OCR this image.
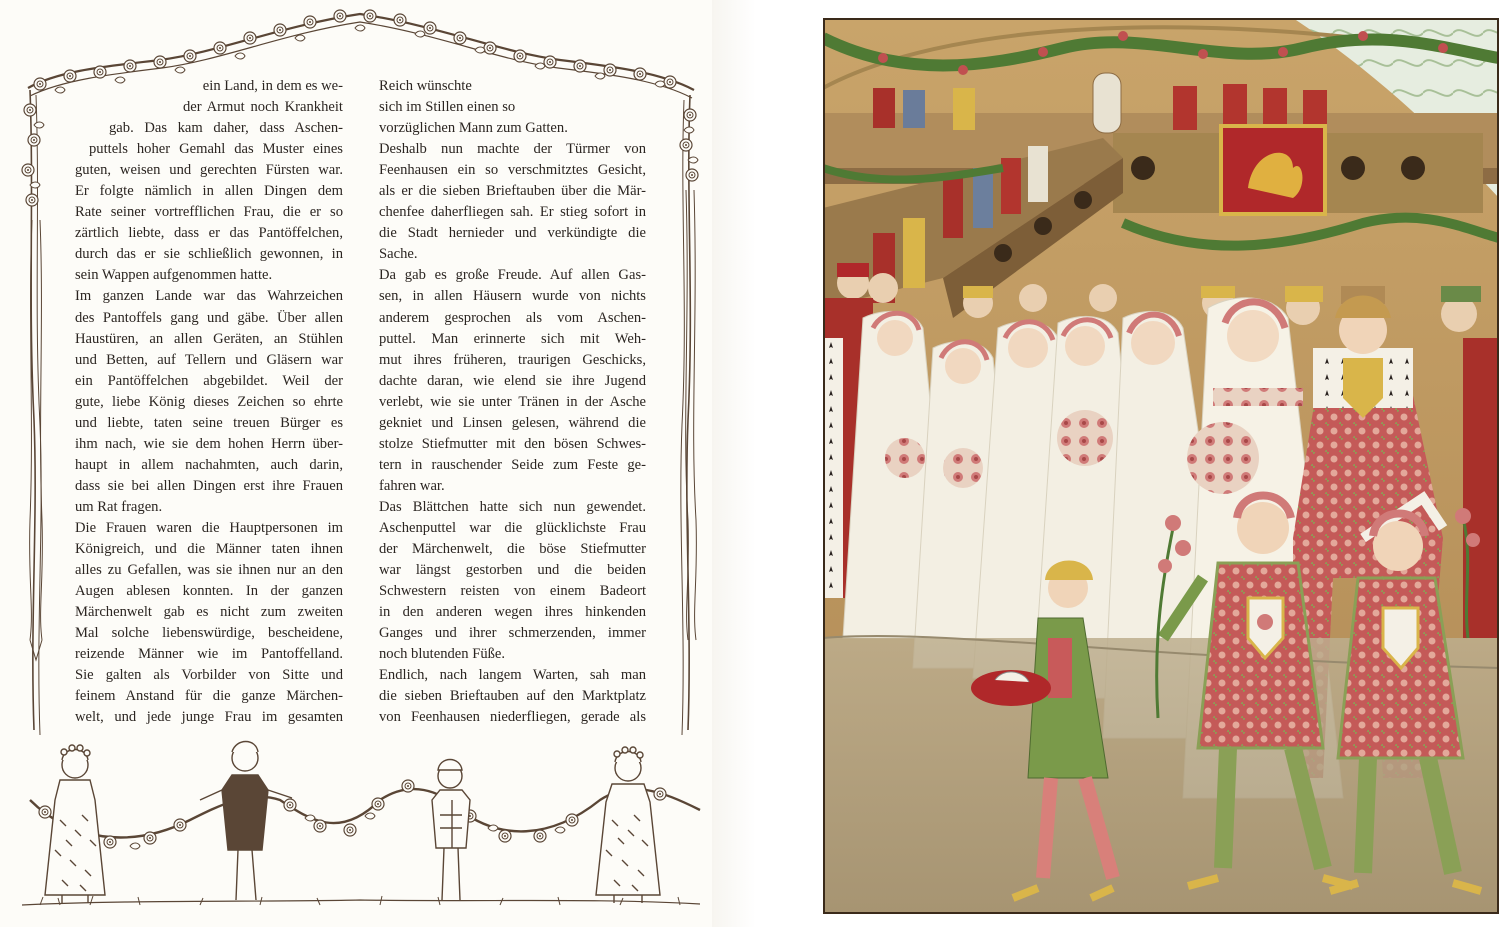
ein Land, in dem es we-
der Armut noch Krankheit
gab. Das kam daher, dass Aschen-
puttels hoher Gemahl das Muster eines
guten, weisen und gerechten Fürsten war.
Er folgte nämlich in allen Dingen dem
Rate seiner vortrefflichen Frau, die er so
zärtlich liebte, dass er das Pantöffelchen,
durch das er sie schließlich gewonnen, in
sein Wappen aufgenommen hatte.
Im ganzen Lande war das Wahrzeichen
des Pantoffels gang und gäbe. Über allen
Haustüren, an allen Geräten, an Stühlen
und Betten, auf Tellern und Gläsern war
ein Pantöffelchen abgebildet. Weil der
gute, liebe König dieses Zeichen so ehrte
und liebte, taten seine treuen Bürger es
ihm nach, wie sie dem hohen Herrn über-
haupt in allem nachahmten, auch darin,
dass sie bei allen Dingen erst ihre Frauen
um Rat fragen.
Die Frauen waren die Hauptpersonen im
Königreich, und die Männer taten ihnen
alles zu Gefallen, was sie ihnen nur an den
Augen ablesen konnten. In der ganzen
Märchenwelt gab es nicht zum zweiten
Mal solche liebenswürdige, bescheidene,
reizende Männer wie im Pantoffelland.
Sie galten als Vorbilder von Sitte und
feinem Anstand für die ganze Märchen-
welt, und jede junge Frau im gesamten
Reich wünschte
sich im Stillen einen so
vorzüglichen Mann zum Gatten.
Deshalb nun machte der Türmer von
Feenhausen ein so verschmitztes Gesicht,
als er die sieben Brieftauben über die Mär-
chenfee daherfliegen sah. Er stieg sofort in
die Stadt hernieder und verkündigte die
Sache.
Da gab es große Freude. Auf allen Gas-
sen, in allen Häusern wurde von nichts
anderem gesprochen als vom Aschen-
puttel. Man erinnerte sich mit Weh-
mut ihres früheren, traurigen Geschicks,
dachte daran, wie elend sie ihre Jugend
verlebt, wie sie unter Tränen in der Asche
gekniet und Linsen gelesen, während die
stolze Stiefmutter mit den bösen Schwes-
tern in rauschender Seide zum Feste ge-
fahren war.
Das Blättchen hatte sich nun gewendet.
Aschenputtel war die glücklichste Frau
der Märchenwelt, die böse Stiefmutter
war längst gestorben und die beiden
Schwestern reisten von einem Badeort
in den anderen wegen ihres hinkenden
Ganges und ihrer schmerzenden, immer
noch blutenden Füße.
Endlich, nach langem Warten, sah man
die sieben Brieftauben auf den Marktplatz
von Feenhausen niederfliegen, gerade als
